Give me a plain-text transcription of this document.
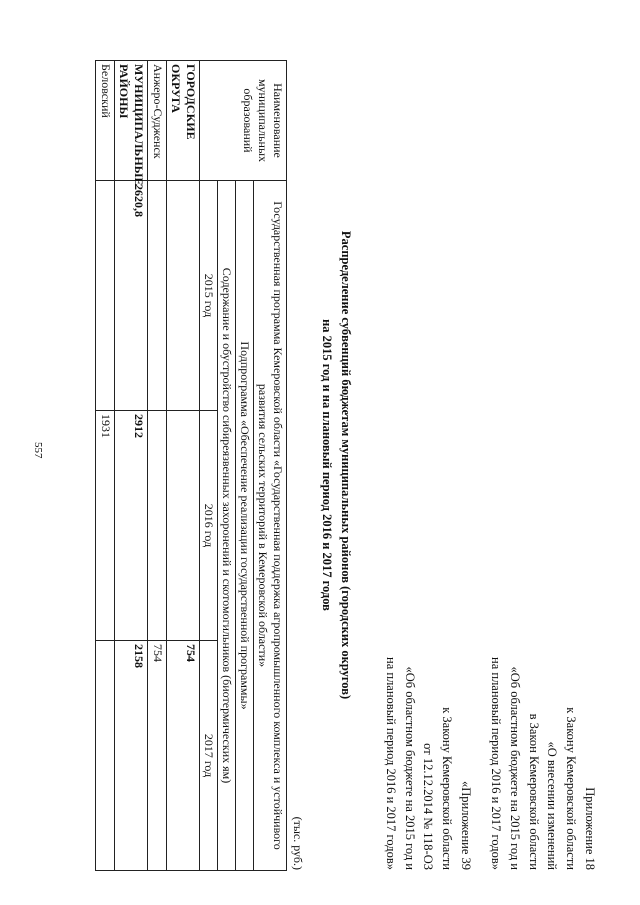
557
Приложение 18
к Закону Кемеровской области
«О внесении изменений
в Закон Кемеровской области
«Об областном бюджете на 2015 год и
на плановый период 2016 и 2017 годов»
«Приложение 39
к Закону Кемеровской области
от 12.12.2014 № 118-ОЗ
«Об областном бюджете на 2015 год и
на плановый период 2016 и 2017 годов»
Распределение субвенций бюджетам муниципальных районов (городских округов)
на 2015 год и на плановый период 2016 и 2017 годов
(тыс. руб.)
Наименование муниципальных образований	Государственная программа Кемеровской области «Государственная поддержка агропромышленного комплекса и устойчивого развития сельских территорий в Кемеровской области»		
	Подпрограмма «Обеспечение реализации государственной программы»		
	Содержание и обустройство сибиреязвенных захоронений и скотомогильников (биотермических ям)		
	2015 год	2016 год	2017 год
ГОРОДСКИЕ ОКРУГА			754
Анжеро-Судженск			754
МУНИЦИПАЛЬНЫЕ РАЙОНЫ	2620,8	2912	2158
Беловский		1931	
